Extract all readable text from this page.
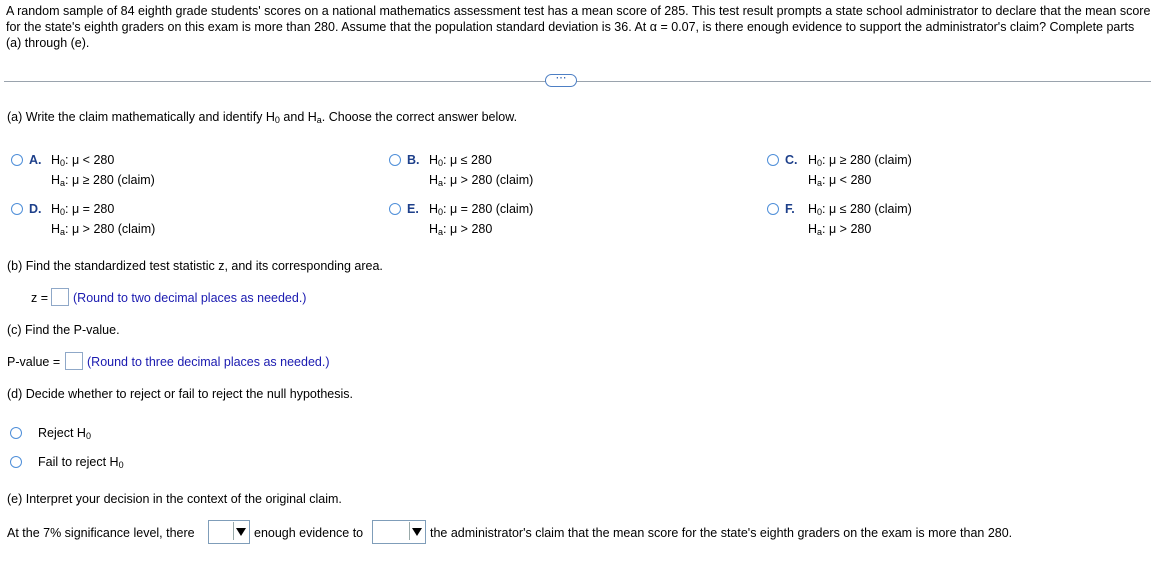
A random sample of 84 eighth grade students' scores on a national mathematics assessment test has a mean score of 285. This test result prompts a state school administrator to declare that the mean score for the state's eighth graders on this exam is more than 280. Assume that the population standard deviation is 36. At α = 0.07, is there enough evidence to support the administrator's claim? Complete parts (a) through (e).
⋯
(a) Write the claim mathematically and identify $H_0$ and $H_a$. Choose the correct answer below.
A. $H_0$: μ < 280
$H_a$: μ ≥ 280 (claim)
B. $H_0$: μ ≤ 280
$H_a$: μ > 280 (claim)
C. $H_0$: μ ≥ 280 (claim)
$H_a$: μ < 280
D. $H_0$: μ = 280
$H_a$: μ > 280 (claim)
E. $H_0$: μ = 280 (claim)
$H_a$: μ > 280
F. $H_0$: μ ≤ 280 (claim)
$H_a$: μ > 280
(b) Find the standardized test statistic z, and its corresponding area.
z = (Round to two decimal places as needed.)
(c) Find the P-value.
P-value = (Round to three decimal places as needed.)
(d) Decide whether to reject or fail to reject the null hypothesis.
Reject $H_0$
Fail to reject $H_0$
(e) Interpret your decision in the context of the original claim.
At the 7% significance level, there	enough evidence to	the administrator's claim that the mean score for the state's eighth graders on the exam is more than 280.
